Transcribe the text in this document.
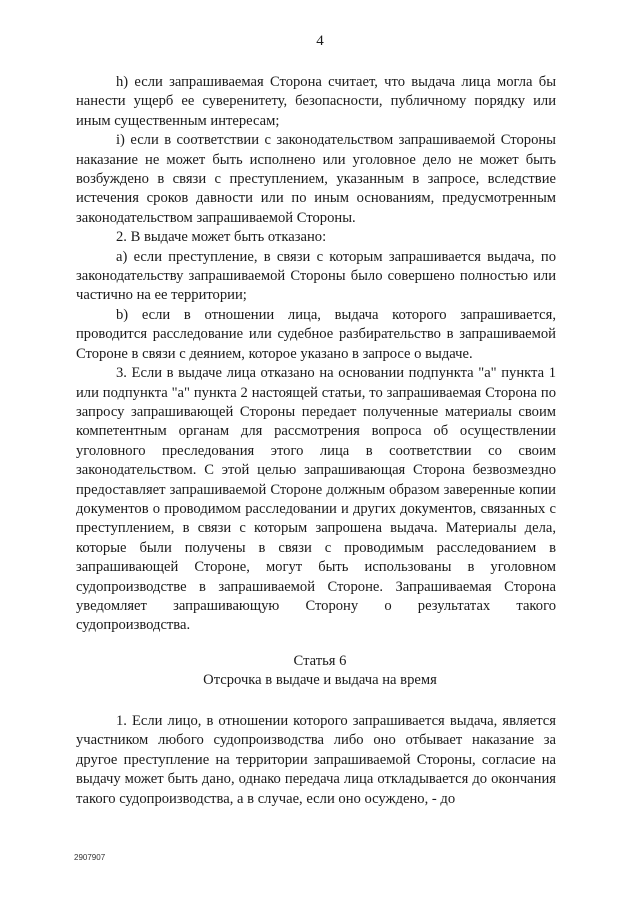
4

h) если запрашиваемая Сторона считает, что выдача лица могла бы нанести ущерб ее суверенитету, безопасности, публичному порядку или иным существенным интересам;

i) если в соответствии с законодательством запрашиваемой Стороны наказание не может быть исполнено или уголовное дело не может быть возбуждено в связи с преступлением, указанным в запросе, вследствие истечения сроков давности или по иным основаниям, предусмотренным законодательством запрашиваемой Стороны.

2. В выдаче может быть отказано:

а) если преступление, в связи с которым запрашивается выдача, по законодательству запрашиваемой Стороны было совершено полностью или частично на ее территории;

b) если в отношении лица, выдача которого запрашивается, проводится расследование или судебное разбирательство в запрашиваемой Стороне в связи с деянием, которое указано в запросе о выдаче.

3. Если в выдаче лица отказано на основании подпункта "а" пункта 1 или подпункта "а" пункта 2 настоящей статьи, то запрашиваемая Сторона по запросу запрашивающей Стороны передает полученные материалы своим компетентным органам для рассмотрения вопроса об осуществлении уголовного преследования этого лица в соответствии со своим законодательством. С этой целью запрашивающая Сторона безвозмездно предоставляет запрашиваемой Стороне должным образом заверенные копии документов о проводимом расследовании и других документов, связанных с преступлением, в связи с которым запрошена выдача. Материалы дела, которые были получены в связи с проводимым расследованием в запрашивающей Стороне, могут быть использованы в уголовном судопроизводстве в запрашиваемой Стороне. Запрашиваемая Сторона уведомляет запрашивающую Сторону о результатах такого судопроизводства.

Статья 6
Отсрочка в выдаче и выдача на время

1. Если лицо, в отношении которого запрашивается выдача, является участником любого судопроизводства либо оно отбывает наказание за другое преступление на территории запрашиваемой Стороны, согласие на выдачу может быть дано, однако передача лица откладывается до окончания такого судопроизводства, а в случае, если оно осуждено, - до

2907907
